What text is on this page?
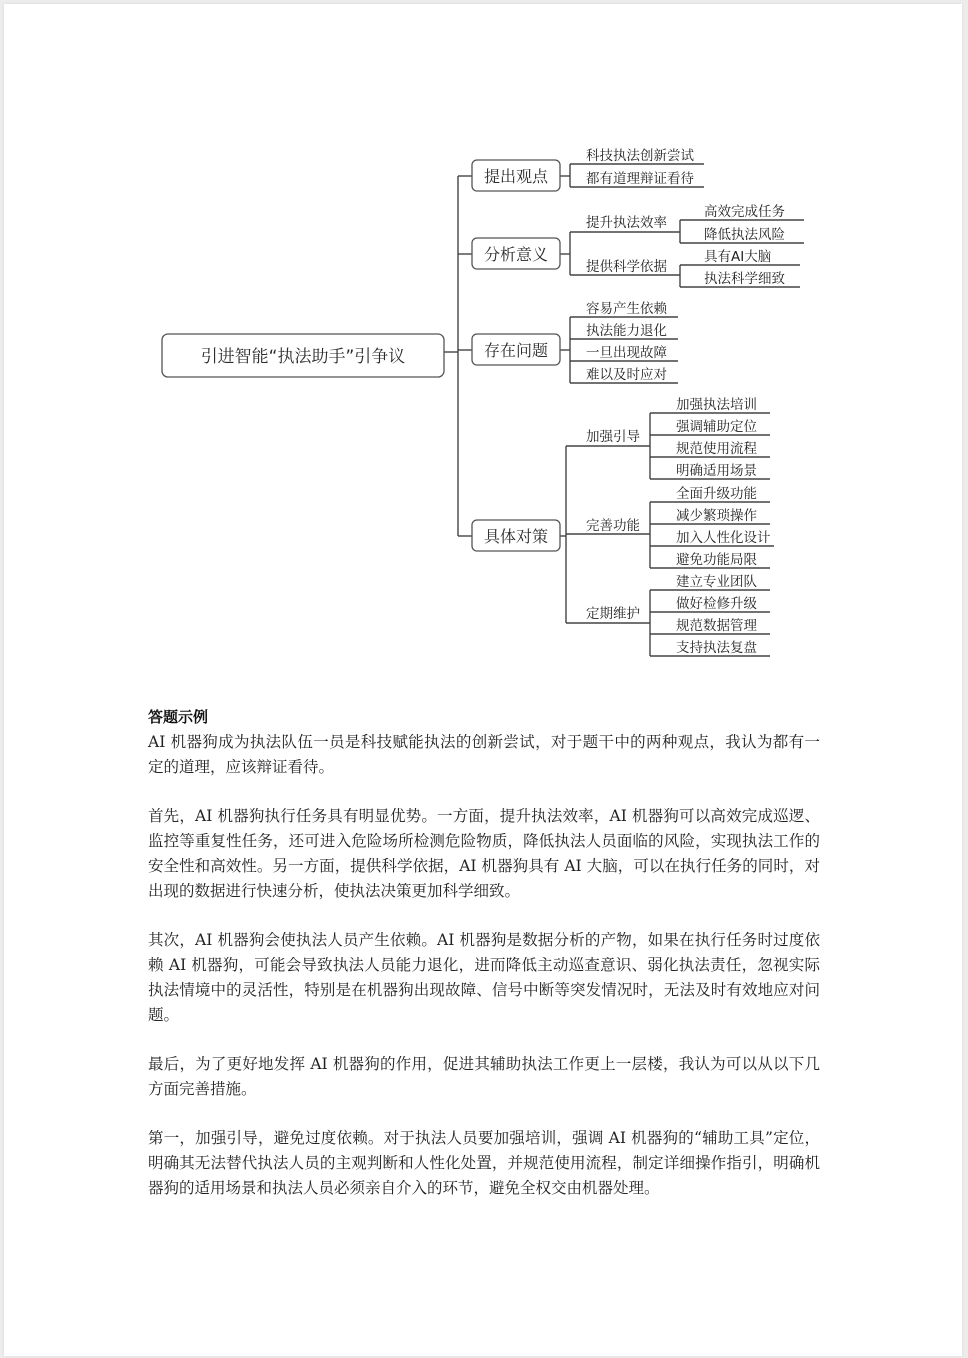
引进智能“执法助手”引争议
提出观点
分析意义
存在问题
具体对策
科技执法创新尝试
都有道理辩证看待
提升执法效率
提供科学依据
高效完成任务
降低执法风险
具有AI大脑
执法科学细致
容易产生依赖
执法能力退化
一旦出现故障
难以及时应对
加强引导
完善功能
定期维护
加强执法培训
强调辅助定位
规范使用流程
明确适用场景
全面升级功能
减少繁琐操作
加入人性化设计
避免功能局限
建立专业团队
做好检修升级
规范数据管理
支持执法复盘
答题示例

AI 机器狗成为执法队伍一员是科技赋能执法的创新尝试，对于题干中的两种观点，我认为都有一定的道理，应该辩证看待。

首先，AI 机器狗执行任务具有明显优势。一方面，提升执法效率，AI 机器狗可以高效完成巡逻、监控等重复性任务，还可进入危险场所检测危险物质，降低执法人员面临的风险，实现执法工作的安全性和高效性。另一方面，提供科学依据，AI 机器狗具有 AI 大脑，可以在执行任务的同时，对出现的数据进行快速分析，使执法决策更加科学细致。

其次，AI 机器狗会使执法人员产生依赖。AI 机器狗是数据分析的产物，如果在执行任务时过度依赖 AI 机器狗，可能会导致执法人员能力退化，进而降低主动巡查意识、弱化执法责任，忽视实际执法情境中的灵活性，特别是在机器狗出现故障、信号中断等突发情况时，无法及时有效地应对问题。

最后，为了更好地发挥 AI 机器狗的作用，促进其辅助执法工作更上一层楼，我认为可以从以下几方面完善措施。

第一，加强引导，避免过度依赖。对于执法人员要加强培训，强调 AI 机器狗的“辅助工具”定位，明确其无法替代执法人员的主观判断和人性化处置，并规范使用流程，制定详细操作指引，明确机器狗的适用场景和执法人员必须亲自介入的环节，避免全权交由机器处理。
